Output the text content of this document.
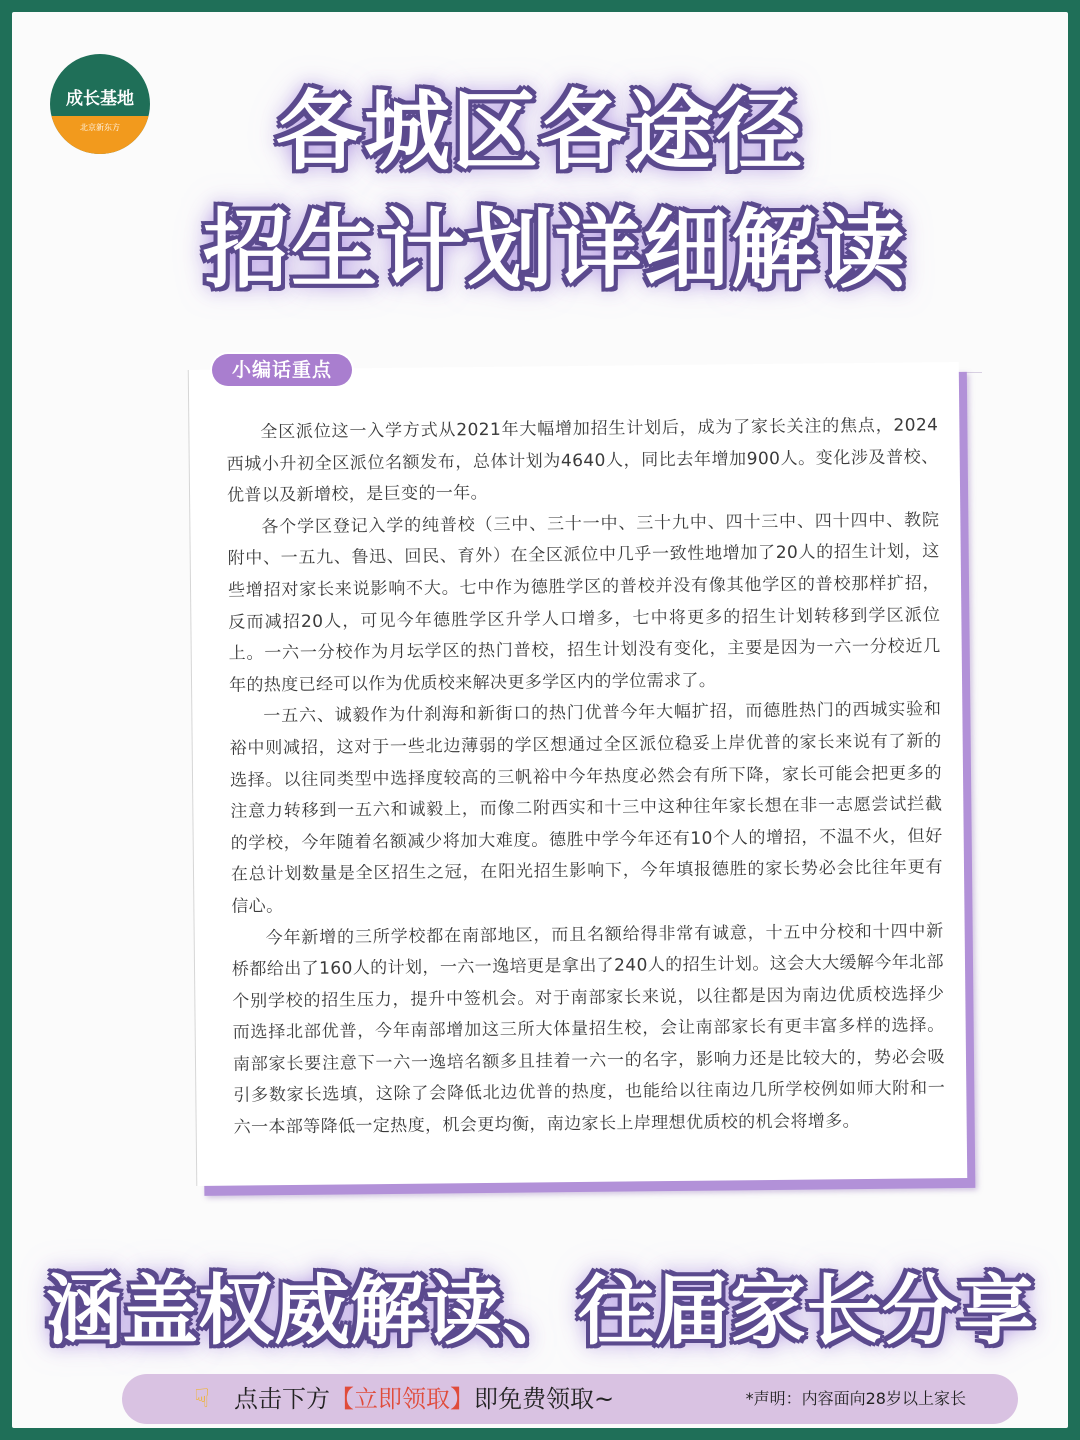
成长基地
北京新东方	各城区各途径
招生计划详细解读
小编话重点

全区派位这一入学方式从2021年大幅增加招生计划后，成为了家长关注的焦点，2024西城小升初全区派位名额发布，总体计划为4640人，同比去年增加900人。变化涉及普校、优普以及新增校，是巨变的一年。

各个学区登记入学的纯普校（三中、三十一中、三十九中、四十三中、四十四中、教院附中、一五九、鲁迅、回民、育外）在全区派位中几乎一致性地增加了20人的招生计划，这些增招对家长来说影响不大。七中作为德胜学区的普校并没有像其他学区的普校那样扩招，反而减招20人，可见今年德胜学区升学人口增多，七中将更多的招生计划转移到学区派位上。一六一分校作为月坛学区的热门普校，招生计划没有变化，主要是因为一六一分校近几年的热度已经可以作为优质校来解决更多学区内的学位需求了。

一五六、诚毅作为什刹海和新街口的热门优普今年大幅扩招，而德胜热门的西城实验和裕中则减招，这对于一些北边薄弱的学区想通过全区派位稳妥上岸优普的家长来说有了新的选择。以往同类型中选择度较高的三帆裕中今年热度必然会有所下降，家长可能会把更多的注意力转移到一五六和诚毅上，而像二附西实和十三中这种往年家长想在非一志愿尝试拦截的学校，今年随着名额减少将加大难度。德胜中学今年还有10个人的增招，不温不火，但好在总计划数量是全区招生之冠，在阳光招生影响下，今年填报德胜的家长势必会比往年更有信心。

今年新增的三所学校都在南部地区，而且名额给得非常有诚意，十五中分校和十四中新桥都给出了160人的计划，一六一逸培更是拿出了240人的招生计划。这会大大缓解今年北部个别学校的招生压力，提升中签机会。对于南部家长来说，以往都是因为南边优质校选择少而选择北部优普，今年南部增加这三所大体量招生校，会让南部家长有更丰富多样的选择。南部家长要注意下一六一逸培名额多且挂着一六一的名字，影响力还是比较大的，势必会吸引多数家长选填，这除了会降低北边优普的热度，也能给以往南边几所学校例如师大附和一六一本部等降低一定热度，机会更均衡，南边家长上岸理想优质校的机会将增多。

涵盖权威解读、往届家长分享
☟ 点击下方【立即领取】即免费领取~	*声明：内容面向28岁以上家长
